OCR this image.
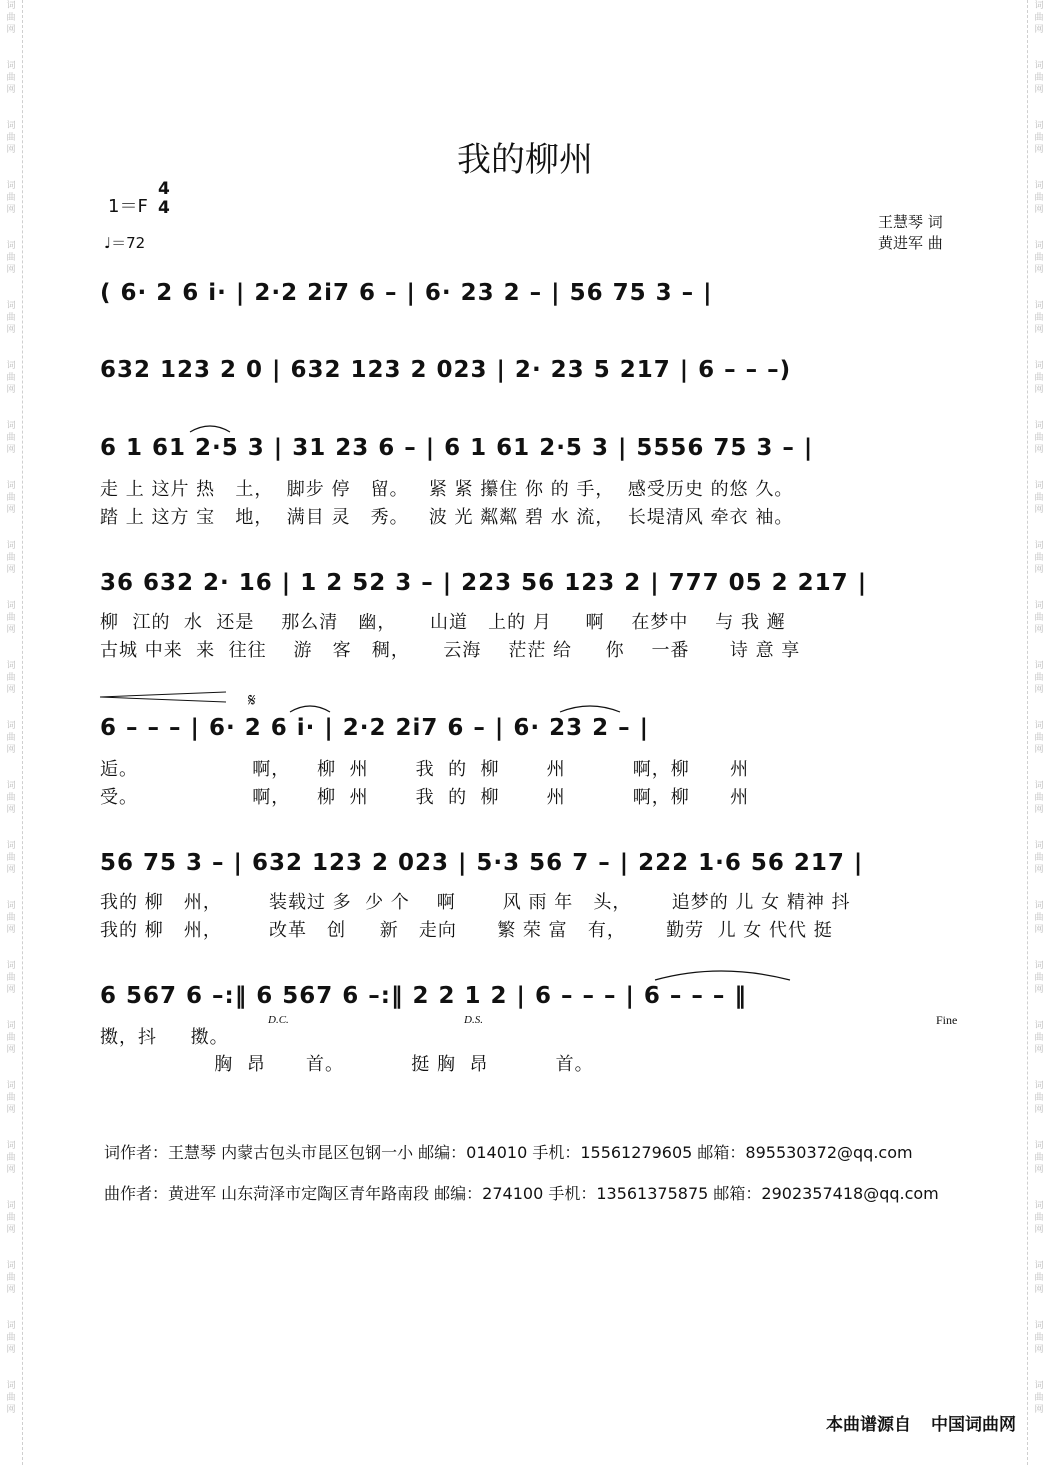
我的柳州
1＝F
4
4
♩＝72
王慧琴 词
黄进军 曲
( 6· 2 6 i· | 2·2 2i7 6 – | 6· 23 2 – | 56 75 3 – |
632 123 2 0 | 632 123 2 023 | 2· 23 5 217 | 6 – – –)
6 1 61 2·5 3 | 31 23 6 – | 6 1 61 2·5 3 | 5556 75 3 – |
走 上 这片 热   土，  脚步 停   留。   紧 紧 攥住 你 的 手，  感受历史 的悠 久。
踏 上 这方 宝   地，  满目 灵   秀。   波 光 粼粼 碧 水 流，  长堤清风 牵衣 袖。
36 632 2· 16 | 1 2 52 3 – | 223 56 123 2 | 777 05 2 217 |
柳  江的  水  还是    那么清   幽，     山道   上的 月     啊    在梦中    与 我 邂
古城 中来  来  往往    游   客   稠，     云海    茫茫 给     你    一番      诗 意 享
6 – – – | 6· 2 6 i· | 2·2 2i7 6 – | 6· 23 2 – |
逅。                 啊，    柳  州       我  的  柳       州          啊，柳      州
受。                 啊，    柳  州       我  的  柳       州          啊，柳      州
56 75 3 – | 632 123 2 023 | 5·3 56 7 – | 222 1·6 56 217 |
我的 柳   州，       装载过 多  少 个    啊       风 雨 年   头，      追梦的 儿 女 精神 抖
我的 柳   州，       改革   创     新   走向      繁 荣 富   有，      勤劳  儿 女 代代 挺
6 567 6 –:‖ 6 567 6 –:‖ 2 2 1 2 | 6 – – – | 6 – – – ‖
擞，抖     擞。
胸  昂      首。          挺 胸  昂          首。
𝄋
D.C.	D.S.	Fine
词作者：王慧琴 内蒙古包头市昆区包钢一小 邮编：014010 手机：15561279605 邮箱：895530372@qq.com
曲作者：黄进军 山东菏泽市定陶区青年路南段 邮编：274100 手机：13561375875 邮箱：2902357418@qq.com
本曲谱源自 中国词曲网
词
曲
网
词
曲
网
词
曲
网
词
曲
网
词
曲
网
词
曲
网
词
曲
网
词
曲
网
词
曲
网
词
曲
网
词
曲
网
词
曲
网
词
曲
网
词
曲
网
词
曲
网
词
曲
网
词
曲
网
词
曲
网
词
曲
网
词
曲
网
词
曲
网
词
曲
网
词
曲
网
词
曲
网
词
曲
网
词
曲
网
词
曲
网
词
曲
网
词
曲
网
词
曲
网
词
曲
网
词
曲
网
词
曲
网
词
曲
网
词
曲
网
词
曲
网
词
曲
网
词
曲
网
词
曲
网
词
曲
网
词
曲
网
词
曲
网
词
曲
网
词
曲
网
词
曲
网
词
曲
网
词
曲
网
词
曲
网
